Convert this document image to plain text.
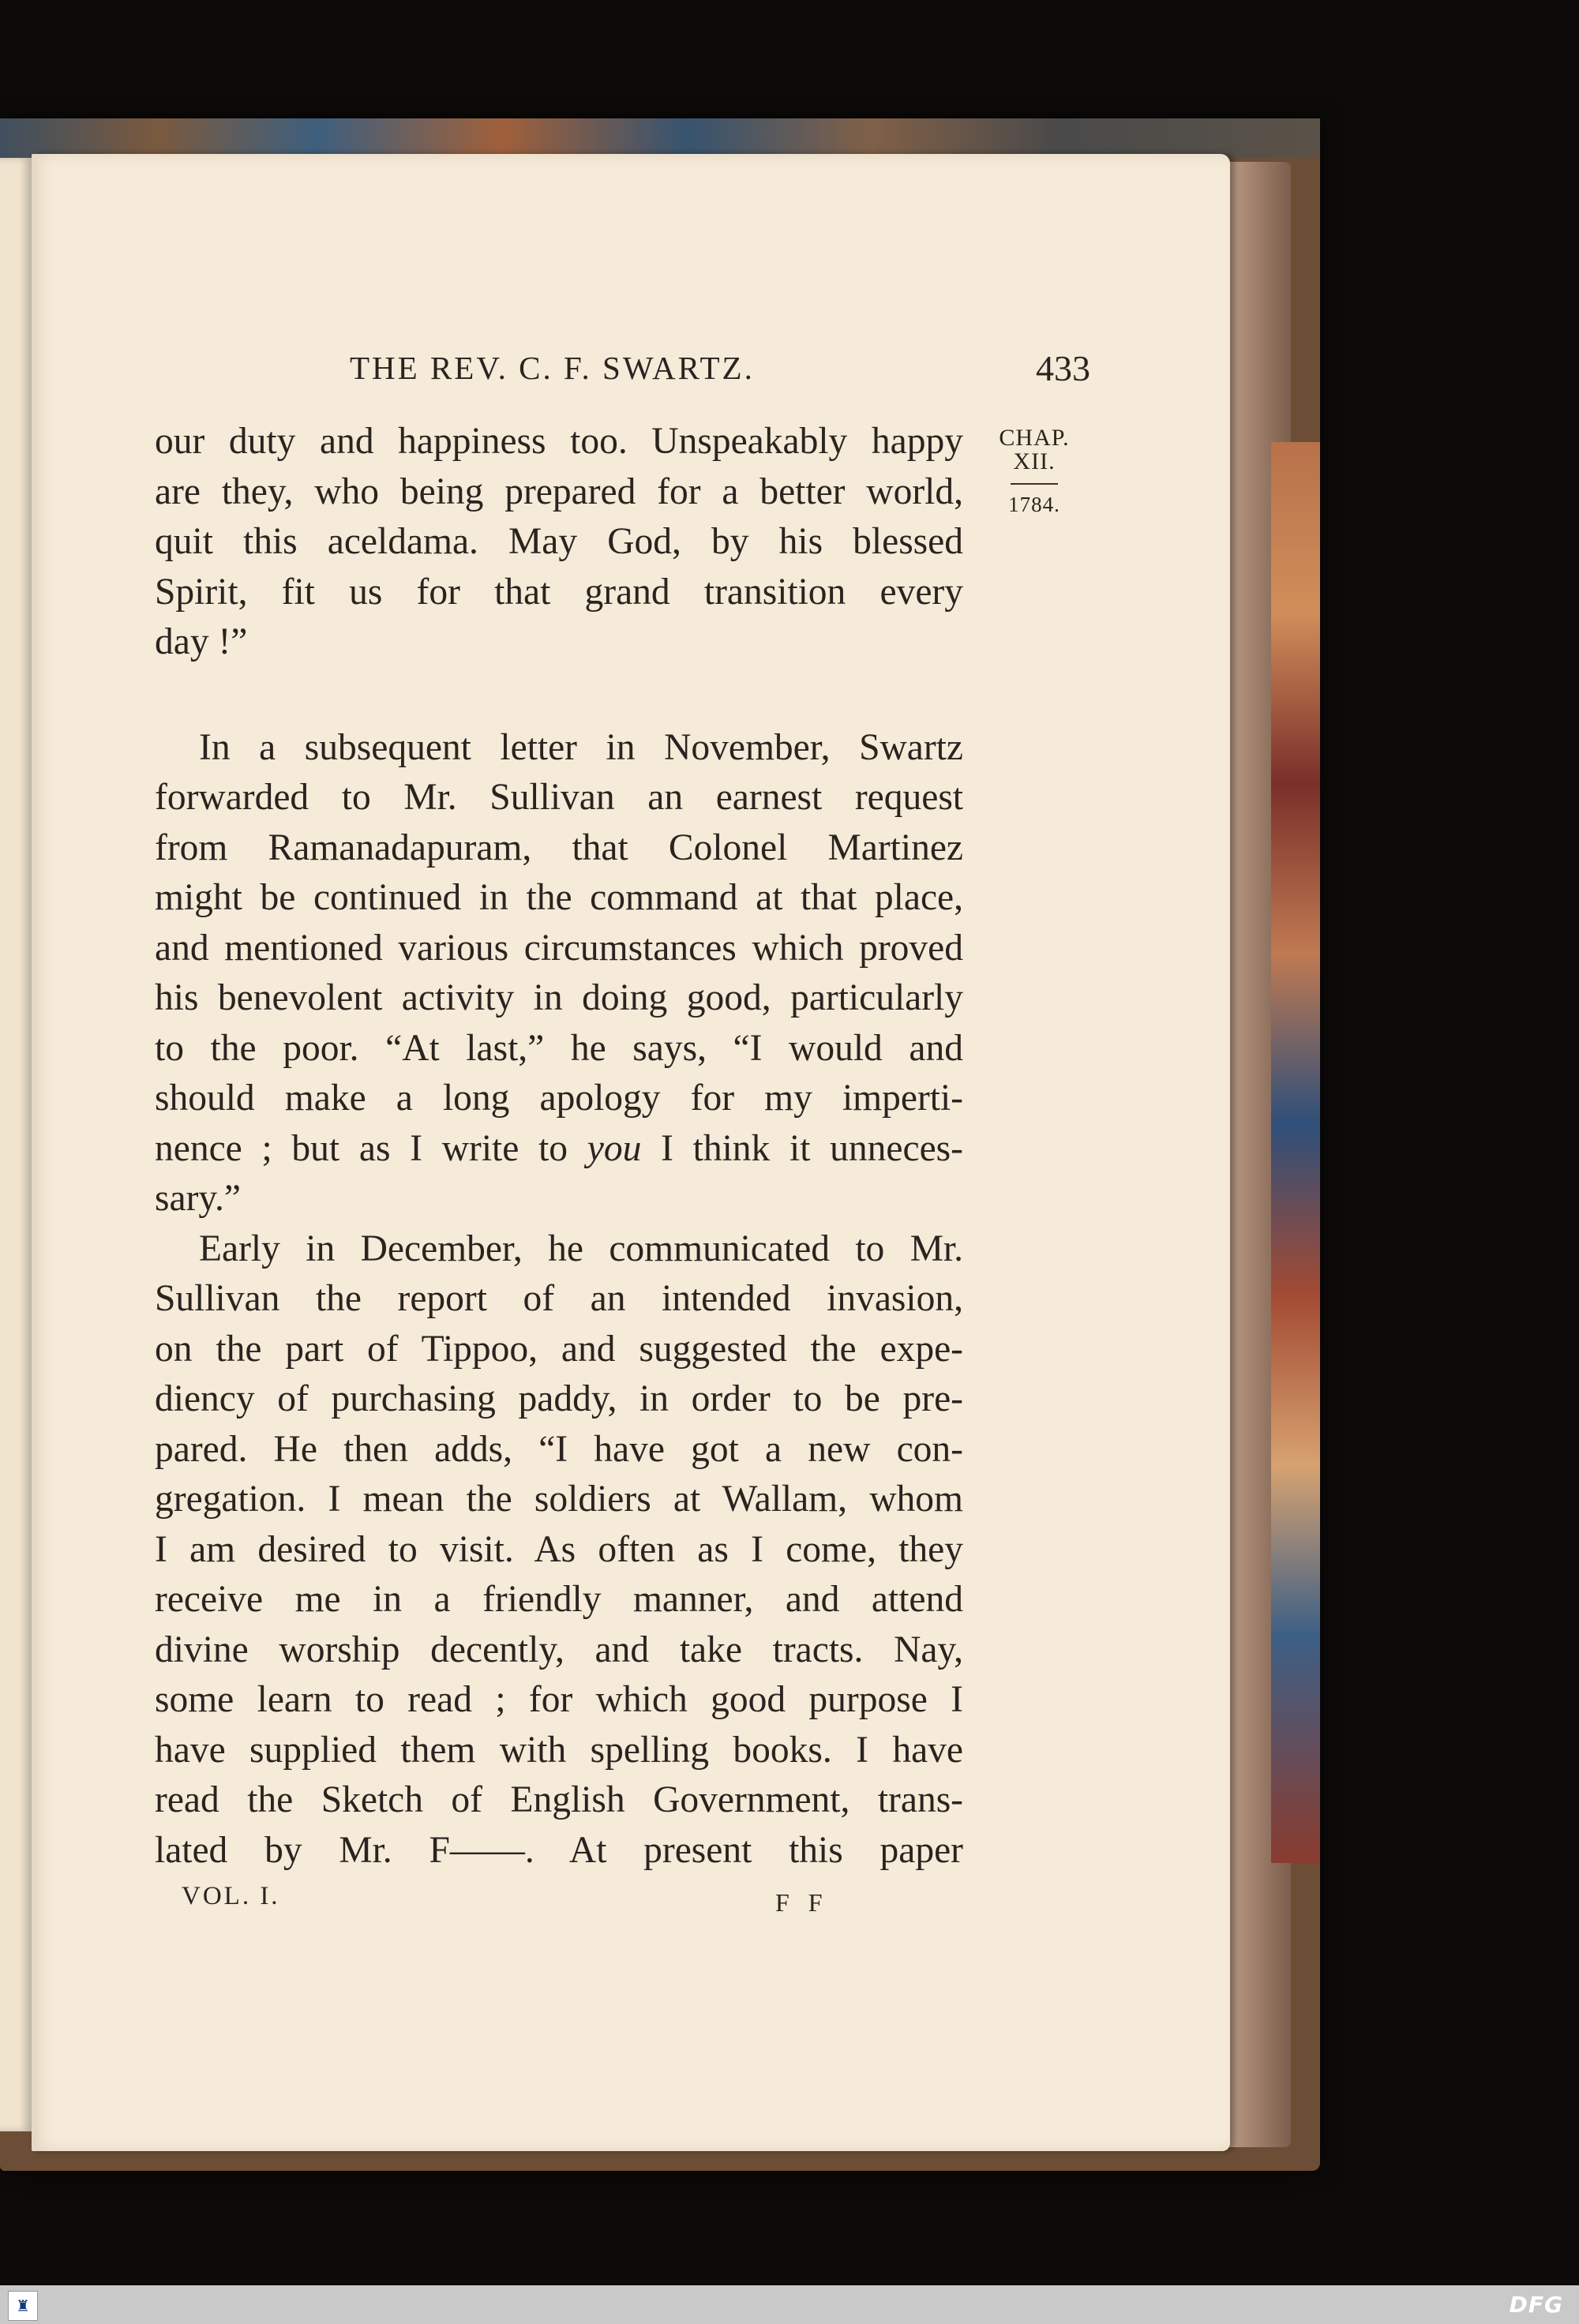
THE REV. C. F. SWARTZ.	433
CHAP.
XII.
1784.

our duty and happiness too. Unspeakably happy

are they, who being prepared for a better world,

quit this aceldama. May God, by his blessed

Spirit, fit us for that grand transition every

day !”

In a subsequent letter in November, Swartz

forwarded to Mr. Sullivan an earnest request

from Ramanadapuram, that Colonel Martinez

might be continued in the command at that place,

and mentioned various circumstances which proved

his benevolent activity in doing good, particularly

to the poor. “At last,” he says, “I would and

should make a long apology for my imperti-

nence ; but as I write to you I think it unneces-

sary.”

Early in December, he communicated to Mr.

Sullivan the report of an intended invasion,

on the part of Tippoo, and suggested the expe-

diency of purchasing paddy, in order to be pre-

pared. He then adds, “I have got a new con-

gregation. I mean the soldiers at Wallam, whom

I am desired to visit. As often as I come, they

receive me in a friendly manner, and attend

divine worship decently, and take tracts. Nay,

some learn to read ; for which good purpose I

have supplied them with spelling books. I have

read the Sketch of English Government, trans-

lated by Mr. F——. At present this paper

VOL. I.	F F
♜	DFG
